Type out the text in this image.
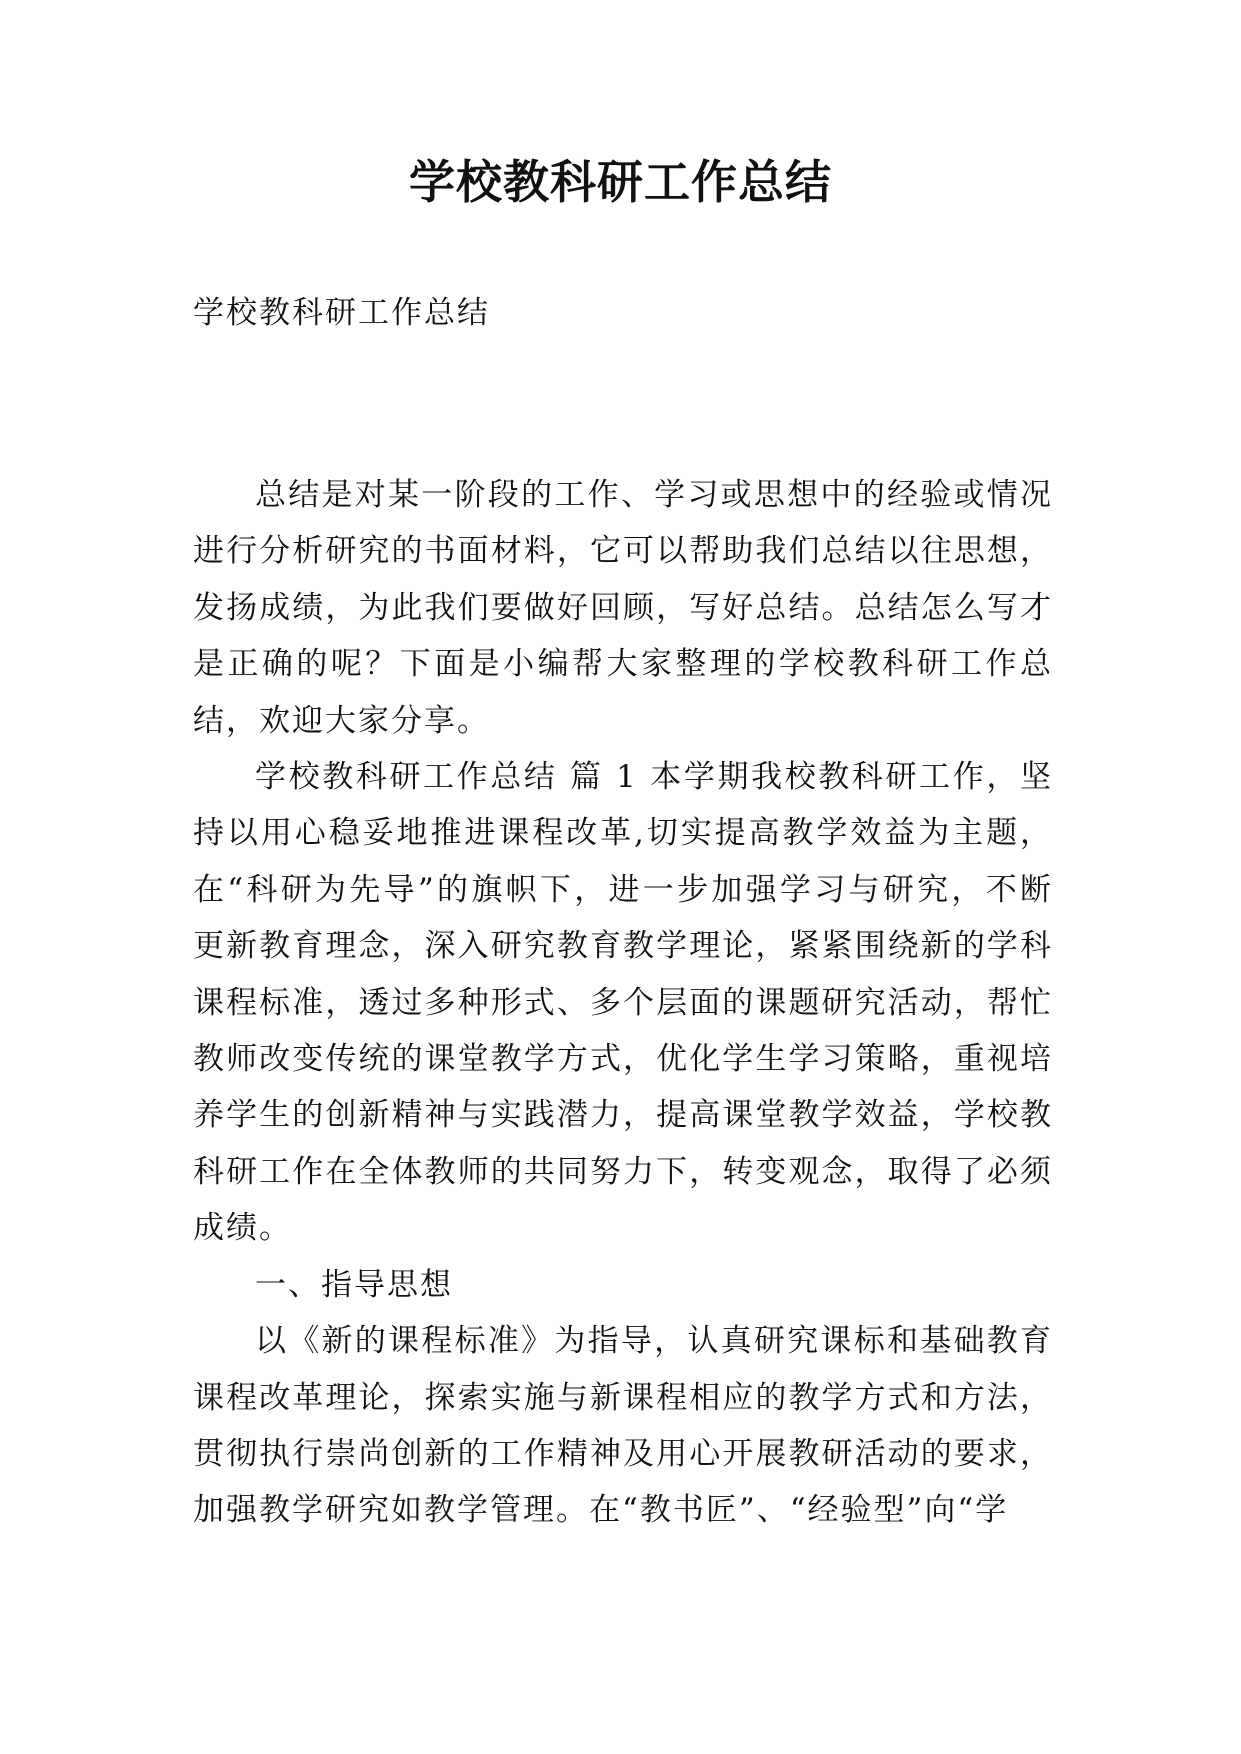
学校教科研工作总结

学校教科研工作总结

总结是对某一阶段的工作、学习或思想中的经验或情况进行分析研究的书面材料，它可以帮助我们总结以往思想，发扬成绩，为此我们要做好回顾，写好总结。总结怎么写才是正确的呢？下面是小编帮大家整理的学校教科研工作总结，欢迎大家分享。

学校教科研工作总结 篇 1 本学期我校教科研工作，坚持以用心稳妥地推进课程改革,切实提高教学效益为主题，在“科研为先导”的旗帜下，进一步加强学习与研究，不断更新教育理念，深入研究教育教学理论，紧紧围绕新的学科课程标准，透过多种形式、多个层面的课题研究活动，帮忙教师改变传统的课堂教学方式，优化学生学习策略，重视培养学生的创新精神与实践潜力，提高课堂教学效益，学校教科研工作在全体教师的共同努力下，转变观念，取得了必须成绩。

一、指导思想

以《新的课程标准》为指导，认真研究课标和基础教育课程改革理论，探索实施与新课程相应的教学方式和方法，贯彻执行崇尚创新的工作精神及用心开展教研活动的要求，加强教学研究如教学管理。在“教书匠”、“经验型”向“学
